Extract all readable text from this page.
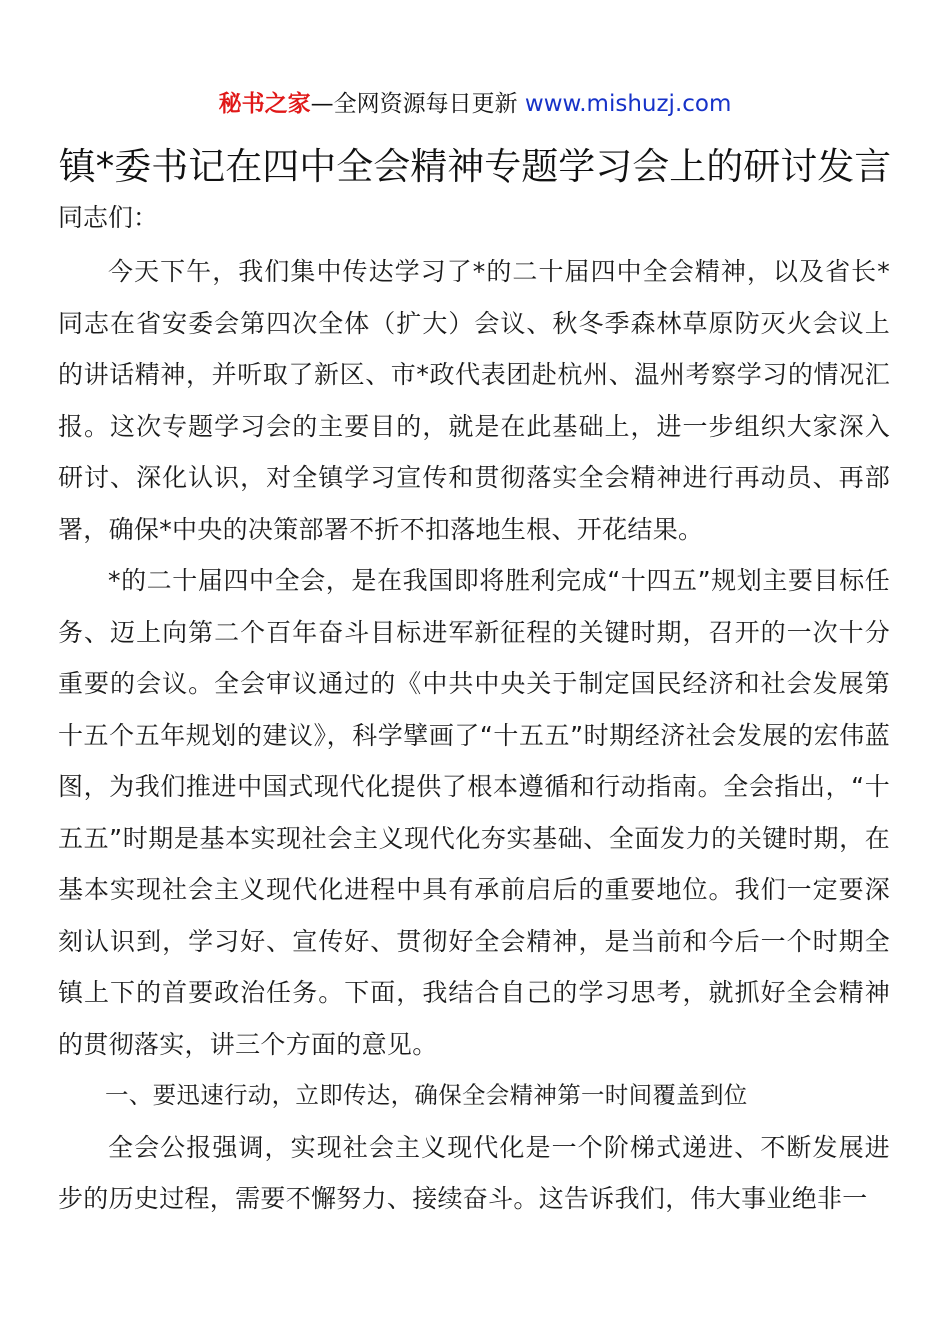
秘书之家—全网资源每日更新 www.mishuzj.com
镇*委书记在四中全会精神专题学习会上的研讨发言

同志们：

今天下午，我们集中传达学习了*的二十届四中全会精神，以及省长*同志在省安委会第四次全体（扩大）会议、秋冬季森林草原防灭火会议上的讲话精神，并听取了新区、市*政代表团赴杭州、温州考察学习的情况汇报。这次专题学习会的主要目的，就是在此基础上，进一步组织大家深入研讨、深化认识，对全镇学习宣传和贯彻落实全会精神进行再动员、再部署，确保*中央的决策部署不折不扣落地生根、开花结果。

*的二十届四中全会，是在我国即将胜利完成“十四五”规划主要目标任务、迈上向第二个百年奋斗目标进军新征程的关键时期，召开的一次十分重要的会议。全会审议通过的《中共中央关于制定国民经济和社会发展第十五个五年规划的建议》，科学擘画了“十五五”时期经济社会发展的宏伟蓝图，为我们推进中国式现代化提供了根本遵循和行动指南。全会指出，“十五五”时期是基本实现社会主义现代化夯实基础、全面发力的关键时期，在基本实现社会主义现代化进程中具有承前启后的重要地位。我们一定要深刻认识到，学习好、宣传好、贯彻好全会精神，是当前和今后一个时期全镇上下的首要政治任务。下面，我结合自己的学习思考，就抓好全会精神的贯彻落实，讲三个方面的意见。

一、要迅速行动，立即传达，确保全会精神第一时间覆盖到位

全会公报强调，实现社会主义现代化是一个阶梯式递进、不断发展进步的历史过程，需要不懈努力、接续奋斗。这告诉我们，伟大事业绝非一
